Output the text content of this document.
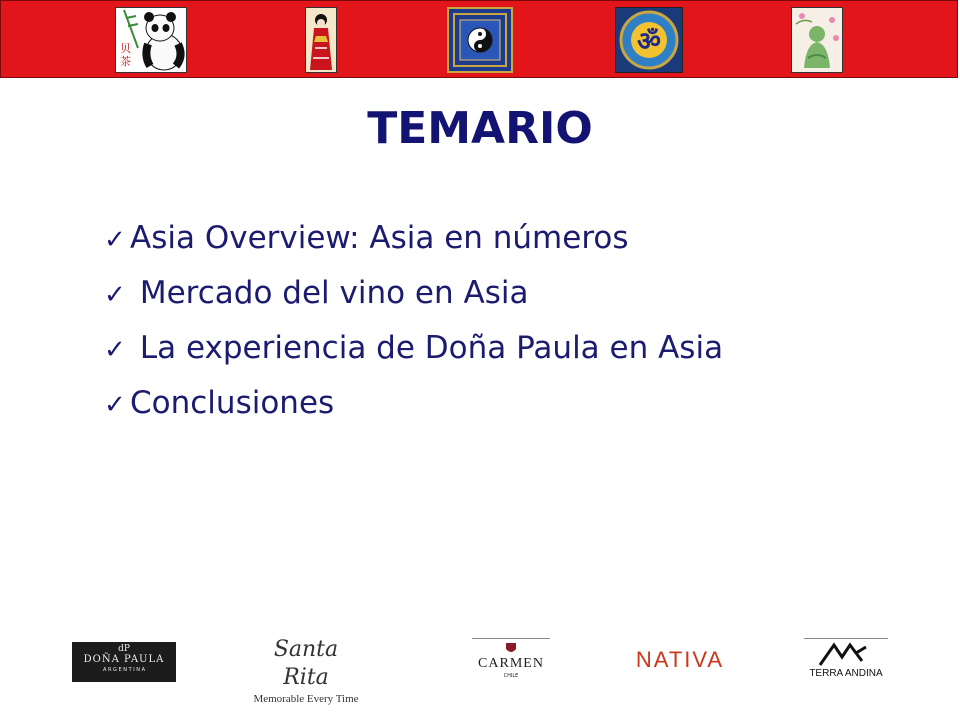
贝 茶
ॐ
TEMARIO
✓ Asia Overview: Asia en números
✓ Mercado del vino en Asia
✓ La experiencia de Doña Paula en Asia
✓ Conclusiones
dP
DOÑA PAULA
A R G E N T I N A
Santa Rita
Memorable Every Time
CARMEN
CHILE
NATIVA
TERRA ANDINA
